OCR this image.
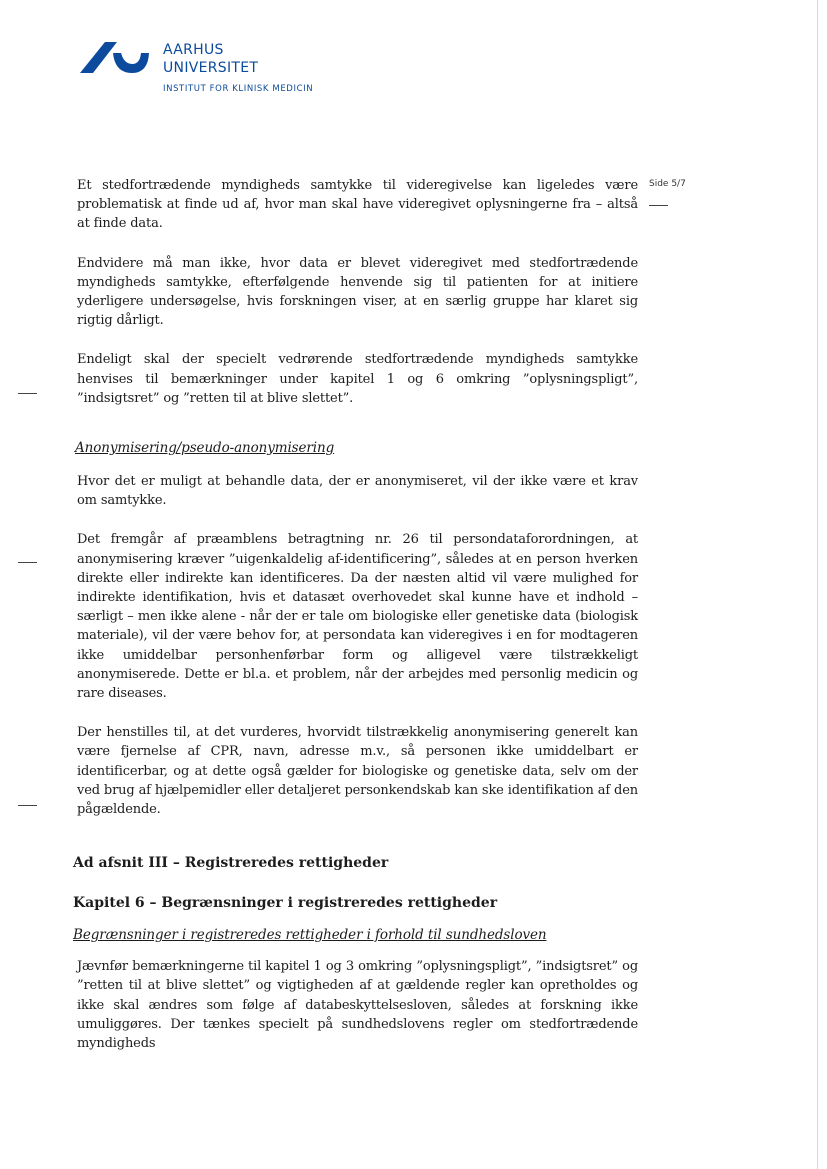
AARHUS
UNIVERSITET
INSTITUT FOR KLINISK MEDICIN
Side 5/7

Et stedfortrædende myndigheds samtykke til videregivelse kan ligeledes være problematisk at finde ud af, hvor man skal have videregivet oplysningerne fra – altså at finde data.

Endvidere må man ikke, hvor data er blevet videregivet med stedfortrædende myndigheds samtykke, efterfølgende henvende sig til patienten for at initiere yderligere undersøgelse, hvis forskningen viser, at en særlig gruppe har klaret sig rigtig dårligt.

Endeligt skal der specielt vedrørende stedfortrædende myndigheds samtykke henvises til bemærkninger under kapitel 1 og 6 omkring ”oplysningspligt”, ”indsigtsret” og ”retten til at blive slettet”.

Anonymisering/pseudo-anonymisering

Hvor det er muligt at behandle data, der er anonymiseret, vil der ikke være et krav om samtykke.

Det fremgår af præamblens betragtning nr. 26 til persondataforordningen, at anonymisering kræver ”uigenkaldelig af-identificering”, således at en person hverken direkte eller indirekte kan identificeres. Da der næsten altid vil være mulighed for indirekte identifikation, hvis et datasæt overhovedet skal kunne have et indhold – særligt – men ikke alene - når der er tale om biologiske eller genetiske data (biologisk materiale), vil der være behov for, at persondata kan videregives i en for modtageren ikke umiddelbar personhenførbar form og alligevel være tilstrækkeligt anonymiserede. Dette er bl.a. et problem, når der arbejdes med personlig medicin og rare diseases.

Der henstilles til, at det vurderes, hvorvidt tilstrækkelig anonymisering generelt kan være fjernelse af CPR, navn, adresse m.v., så personen ikke umiddelbart er identificerbar, og at dette også gælder for biologiske og genetiske data, selv om der ved brug af hjælpemidler eller detaljeret personkendskab kan ske identifikation af den pågældende.

Ad afsnit III – Registreredes rettigheder
Kapitel 6 – Begrænsninger i registreredes rettigheder
Begrænsninger i registreredes rettigheder i forhold til sundhedsloven

Jævnfør bemærkningerne til kapitel 1 og 3 omkring ”oplysningspligt”, ”indsigtsret” og ”retten til at blive slettet” og vigtigheden af at gældende regler kan opretholdes og ikke skal ændres som følge af databeskyttelsesloven, således at forskning ikke umuliggøres. Der tænkes specielt på sundhedslovens regler om stedfortrædende myndigheds
